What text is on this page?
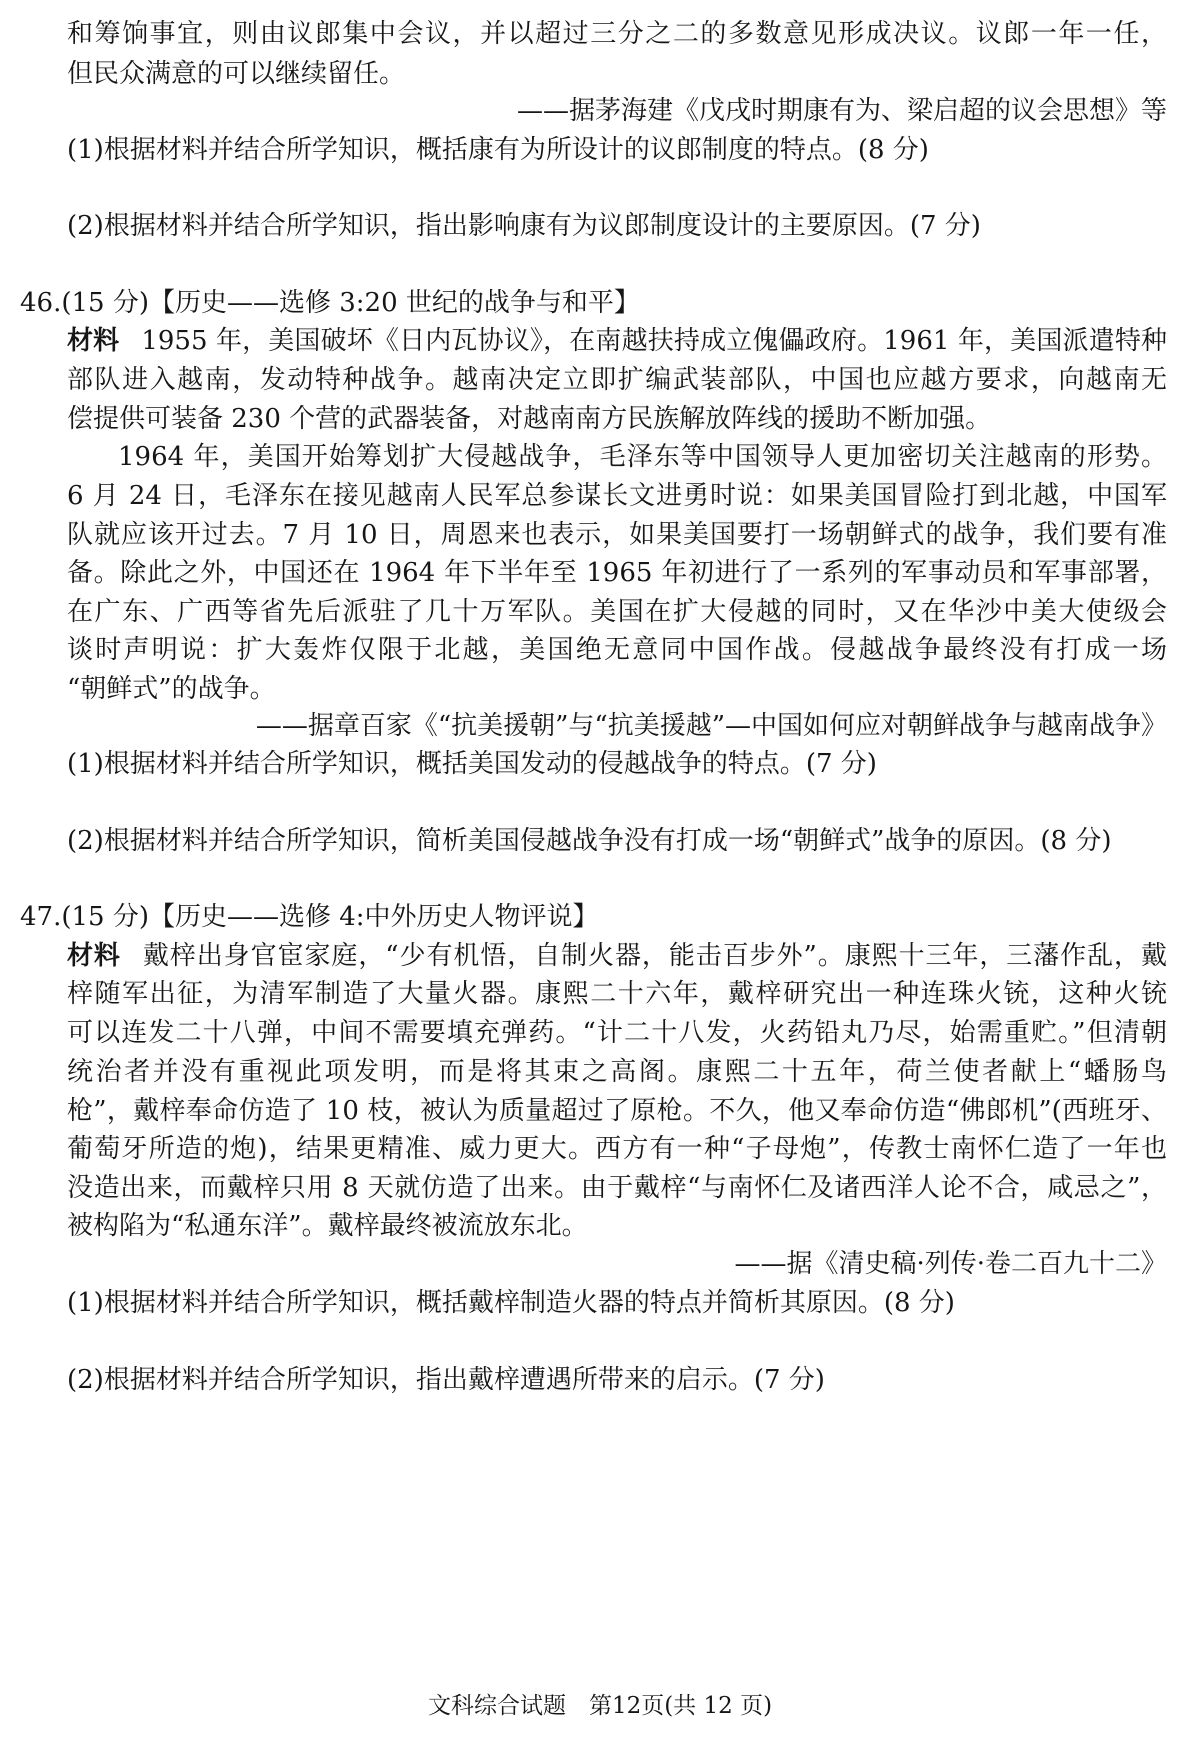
和筹饷事宜，则由议郎集中会议，并以超过三分之二的多数意见形成决议。议郎一年一任，
但民众满意的可以继续留任。
——据茅海建《戊戌时期康有为、梁启超的议会思想》等
(1)根据材料并结合所学知识，概括康有为所设计的议郎制度的特点。(8 分)
(2)根据材料并结合所学知识，指出影响康有为议郎制度设计的主要原因。(7 分)
46.(15 分)【历史——选修 3:20 世纪的战争与和平】
材料 1955 年，美国破坏《日内瓦协议》，在南越扶持成立傀儡政府。1961 年，美国派遣特种
部队进入越南，发动特种战争。越南决定立即扩编武装部队，中国也应越方要求，向越南无
偿提供可装备 230 个营的武器装备，对越南南方民族解放阵线的援助不断加强。
1964 年，美国开始筹划扩大侵越战争，毛泽东等中国领导人更加密切关注越南的形势。
6 月 24 日，毛泽东在接见越南人民军总参谋长文进勇时说：如果美国冒险打到北越，中国军
队就应该开过去。7 月 10 日，周恩来也表示，如果美国要打一场朝鲜式的战争，我们要有准
备。除此之外，中国还在 1964 年下半年至 1965 年初进行了一系列的军事动员和军事部署，
在广东、广西等省先后派驻了几十万军队。美国在扩大侵越的同时，又在华沙中美大使级会
谈时声明说：扩大轰炸仅限于北越，美国绝无意同中国作战。侵越战争最终没有打成一场
“朝鲜式”的战争。
——据章百家《“抗美援朝”与“抗美援越”—中国如何应对朝鲜战争与越南战争》
(1)根据材料并结合所学知识，概括美国发动的侵越战争的特点。(7 分)
(2)根据材料并结合所学知识，简析美国侵越战争没有打成一场“朝鲜式”战争的原因。(8 分)
47.(15 分)【历史——选修 4:中外历史人物评说】
材料 戴梓出身官宦家庭，“少有机悟，自制火器，能击百步外”。康熙十三年，三藩作乱，戴
梓随军出征，为清军制造了大量火器。康熙二十六年，戴梓研究出一种连珠火铳，这种火铳
可以连发二十八弹，中间不需要填充弹药。“计二十八发，火药铅丸乃尽，始需重贮。”但清朝
统治者并没有重视此项发明，而是将其束之高阁。康熙二十五年，荷兰使者献上“蟠肠鸟
枪”，戴梓奉命仿造了 10 枝，被认为质量超过了原枪。不久，他又奉命仿造“佛郎机”(西班牙、
葡萄牙所造的炮)，结果更精准、威力更大。西方有一种“子母炮”，传教士南怀仁造了一年也
没造出来，而戴梓只用 8 天就仿造了出来。由于戴梓“与南怀仁及诸西洋人论不合，咸忌之”，
被构陷为“私通东洋”。戴梓最终被流放东北。
——据《清史稿·列传·卷二百九十二》
(1)根据材料并结合所学知识，概括戴梓制造火器的特点并简析其原因。(8 分)
(2)根据材料并结合所学知识，指出戴梓遭遇所带来的启示。(7 分)
文科综合试题　第12页(共 12 页)
